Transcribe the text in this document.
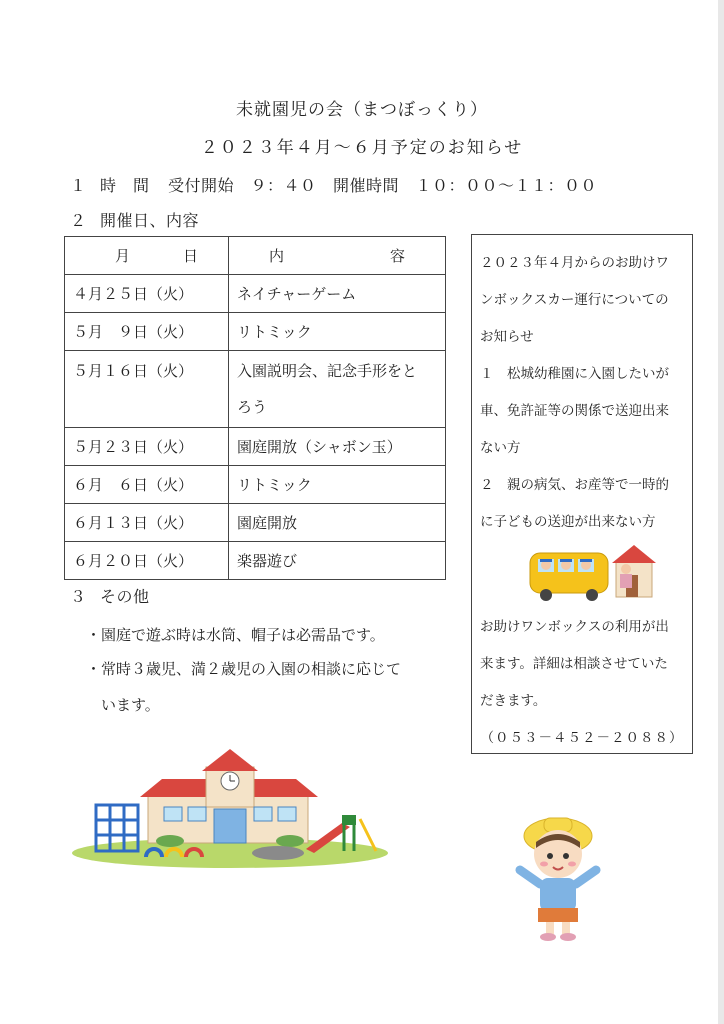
未就園児の会（まつぼっくり）
２０２３年４月～６月予定のお知らせ
１ 時　間 受付開始　９：４０　開催時間　１０：００～１１：００
２ 開催日、内容
月 日	内 容

４月２５日（火）	ネイチャーゲーム
５月　９日（火）	リトミック
５月１６日（火）	入園説明会、記念手形をと
ろう

５月２３日（火）	園庭開放（シャボン玉）
６月　６日（火）	リトミック
６月１３日（火）	園庭開放
６月２０日（火）	楽器遊び
３ その他
・園庭で遊ぶ時は水筒、帽子は必需品です。
・常時３歳児、満２歳児の入園の相談に応じて
　います。

２０２３年４月からのお助けワ

ンボックスカー運行についての

お知らせ

１　松城幼稚園に入園したいが

車、免許証等の関係で送迎出来

ない方

２　親の病気、お産等で一時的

に子どもの送迎が出来ない方

お助けワンボックスの利用が出

来ます。詳細は相談させていた

だきます。

（０５３－４５２－２０８８）
